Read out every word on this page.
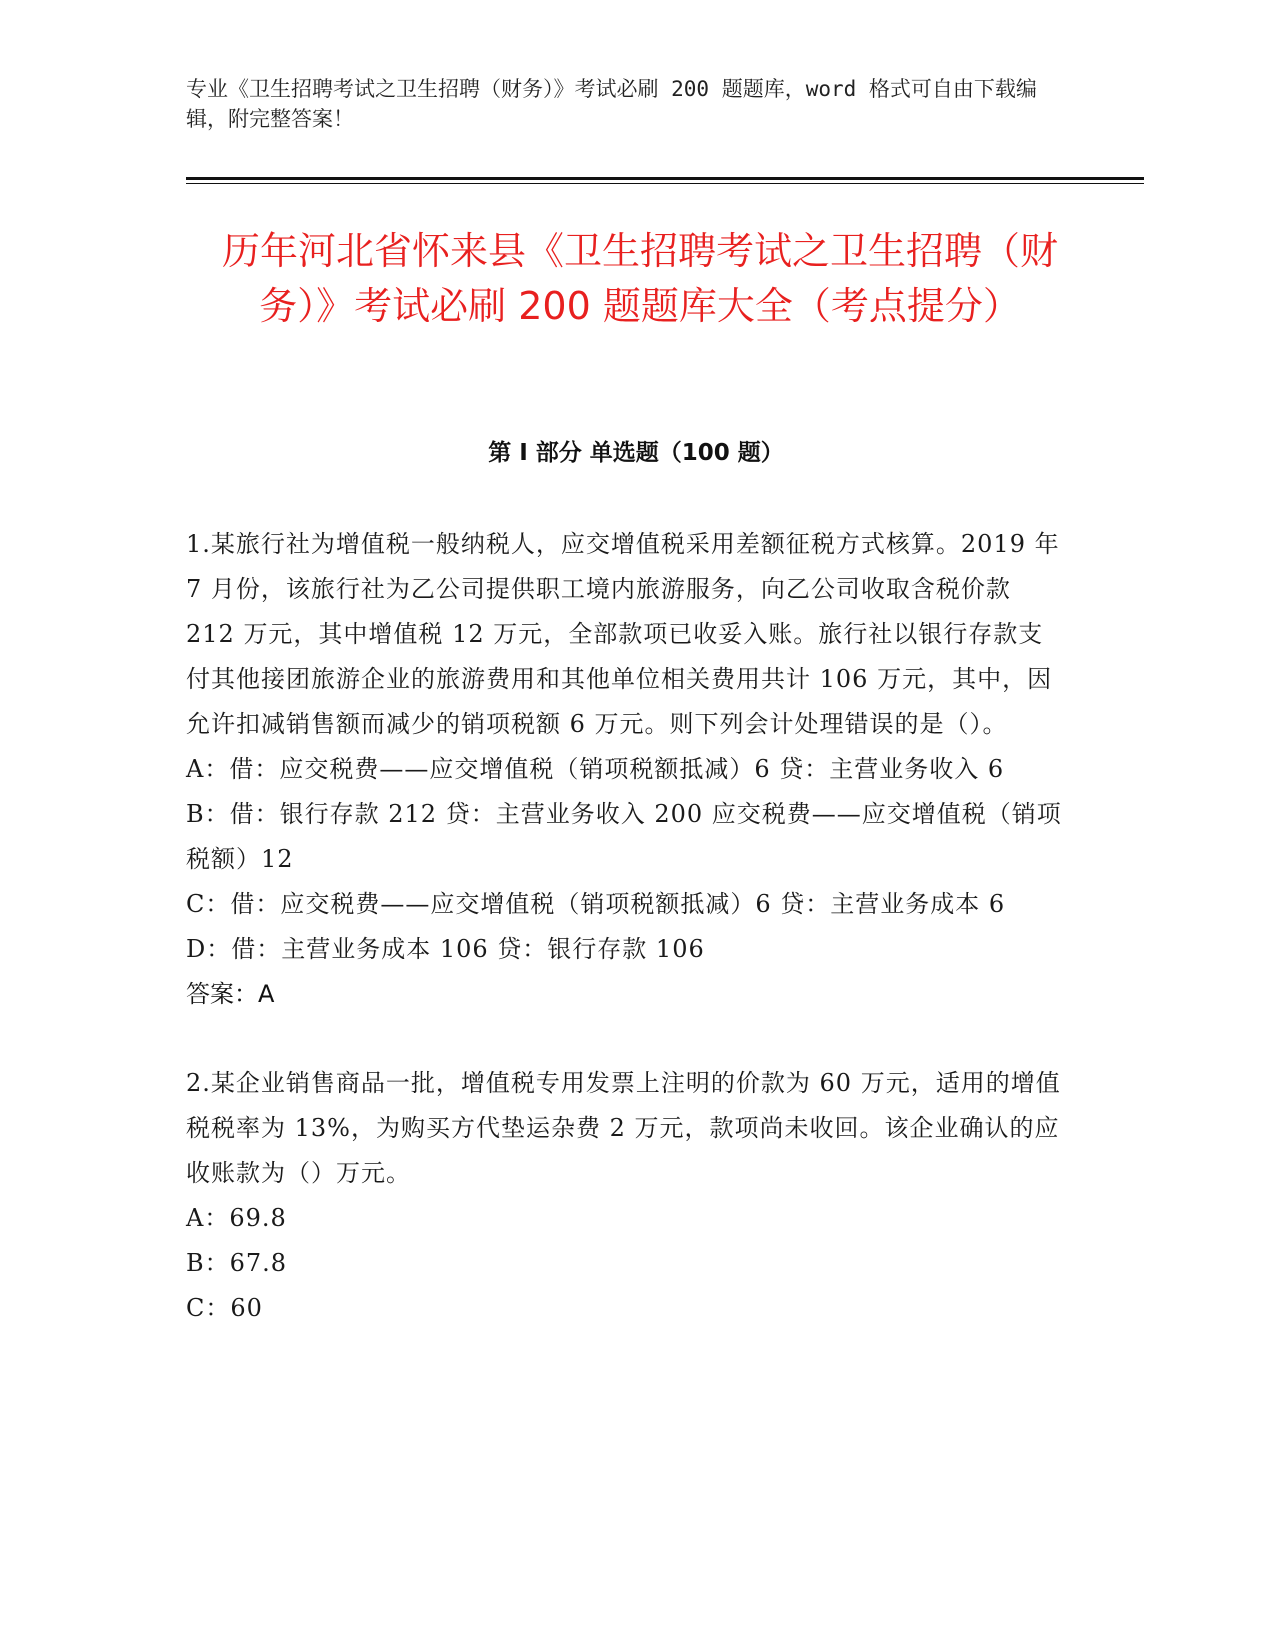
专业《卫生招聘考试之卫生招聘（财务）》考试必刷 200 题题库，word 格式可自由下载编辑，附完整答案！
历年河北省怀来县《卫生招聘考试之卫生招聘（财务）》考试必刷 200 题题库大全（考点提分）
第 I 部分 单选题（100 题）

1.某旅行社为增值税一般纳税人，应交增值税采用差额征税方式核算。2019 年 7 月份，该旅行社为乙公司提供职工境内旅游服务，向乙公司收取含税价款 212 万元，其中增值税 12 万元，全部款项已收妥入账。旅行社以银行存款支付其他接团旅游企业的旅游费用和其他单位相关费用共计 106 万元，其中，因允许扣减销售额而减少的销项税额 6 万元。则下列会计处理错误的是（）。

A：借：应交税费——应交增值税（销项税额抵减）6 贷：主营业务收入 6

B：借：银行存款 212 贷：主营业务收入 200 应交税费——应交增值税（销项税额）12

C：借：应交税费——应交增值税（销项税额抵减）6 贷：主营业务成本 6

D：借：主营业务成本 106 贷：银行存款 106

答案：A

2.某企业销售商品一批，增值税专用发票上注明的价款为 60 万元，适用的增值税税率为 13%，为购买方代垫运杂费 2 万元，款项尚未收回。该企业确认的应收账款为（）万元。

A：69.8

B：67.8

C：60
